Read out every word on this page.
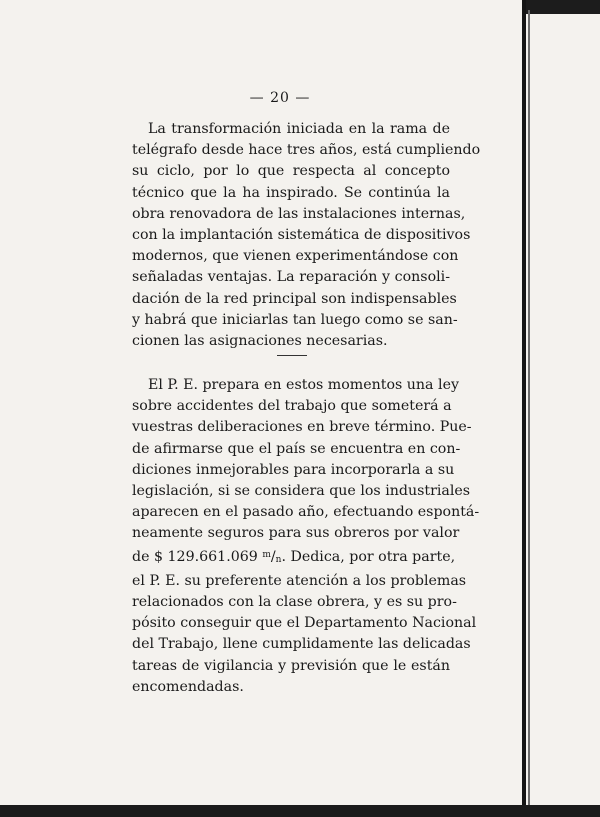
— 20 —
La transformación iniciada en la rama de
telégrafo desde hace tres años, está cumpliendo
su ciclo, por lo que respecta al concepto
técnico que la ha inspirado. Se continúa la
obra renovadora de las instalaciones internas,
con la implantación sistemática de dispositivos
modernos, que vienen experimentándose con
señaladas ventajas. La reparación y consoli-
dación de la red principal son indispensables
y habrá que iniciarlas tan luego como se san-
cionen las asignaciones necesarias.
El P. E. prepara en estos momentos una ley
sobre accidentes del trabajo que someterá a
vuestras deliberaciones en breve término. Pue-
de afirmarse que el país se encuentra en con-
diciones inmejorables para incorporarla a su
legislación, si se considera que los industriales
aparecen en el pasado año, efectuando espontá-
neamente seguros para sus obreros por valor
de $ 129.661.069 $^m/_n$. Dedica, por otra parte,
el P. E. su preferente atención a los problemas
relacionados con la clase obrera, y es su pro-
pósito conseguir que el Departamento Nacional
del Trabajo, llene cumplidamente las delicadas
tareas de vigilancia y previsión que le están
encomendadas.
